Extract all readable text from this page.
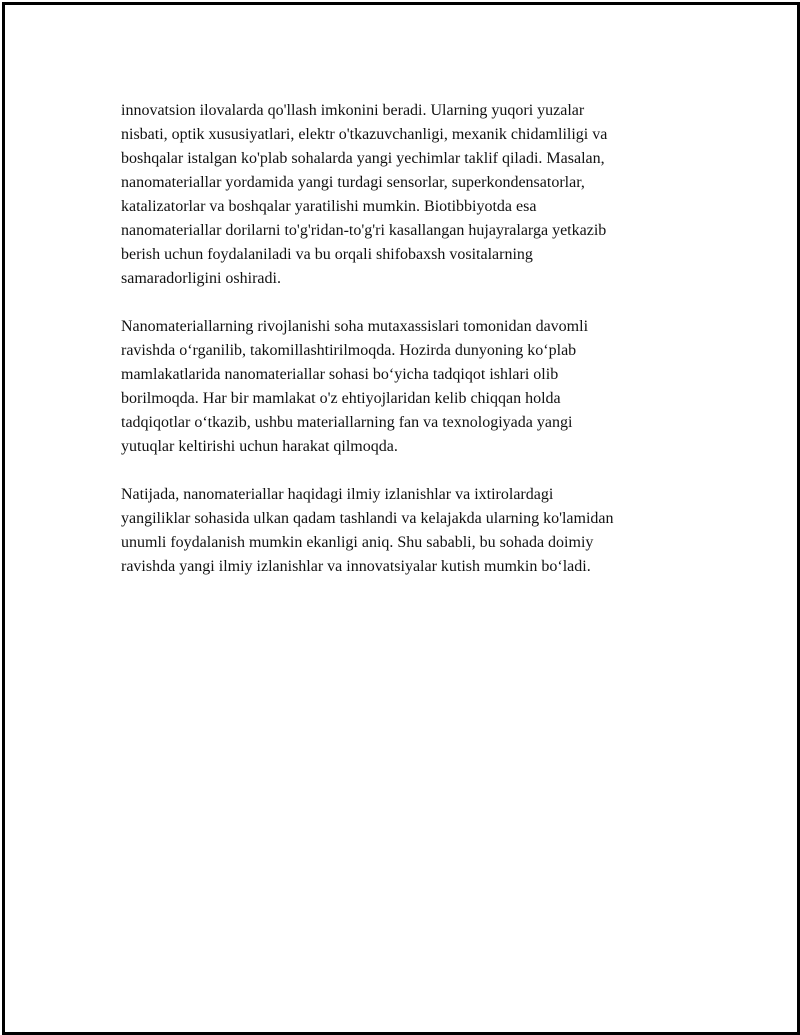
innovatsion ilovalarda qo'llash imkonini beradi. Ularning yuqori yuzalar
nisbati, optik xususiyatlari, elektr o'tkazuvchanligi, mexanik chidamliligi va
boshqalar istalgan ko'plab sohalarda yangi yechimlar taklif qiladi. Masalan,
nanomateriallar yordamida yangi turdagi sensorlar, superkondensatorlar,
katalizatorlar va boshqalar yaratilishi mumkin. Biotibbiyotda esa
nanomateriallar dorilarni to'g'ridan-to'g'ri kasallangan hujayralarga yetkazib
berish uchun foydalaniladi va bu orqali shifobaxsh vositalarning
samaradorligini oshiradi.

Nanomateriallarning rivojlanishi soha mutaxassislari tomonidan davomli
ravishda o‘rganilib, takomillashtirilmoqda. Hozirda dunyoning ko‘plab
mamlakatlarida nanomateriallar sohasi bo‘yicha tadqiqot ishlari olib
borilmoqda. Har bir mamlakat o'z ehtiyojlaridan kelib chiqqan holda
tadqiqotlar o‘tkazib, ushbu materiallarning fan va texnologiyada yangi
yutuqlar keltirishi uchun harakat qilmoqda.

Natijada, nanomateriallar haqidagi ilmiy izlanishlar va ixtirolardagi
yangiliklar sohasida ulkan qadam tashlandi va kelajakda ularning ko'lamidan
unumli foydalanish mumkin ekanligi aniq. Shu sababli, bu sohada doimiy
ravishda yangi ilmiy izlanishlar va innovatsiyalar kutish mumkin bo‘ladi.
